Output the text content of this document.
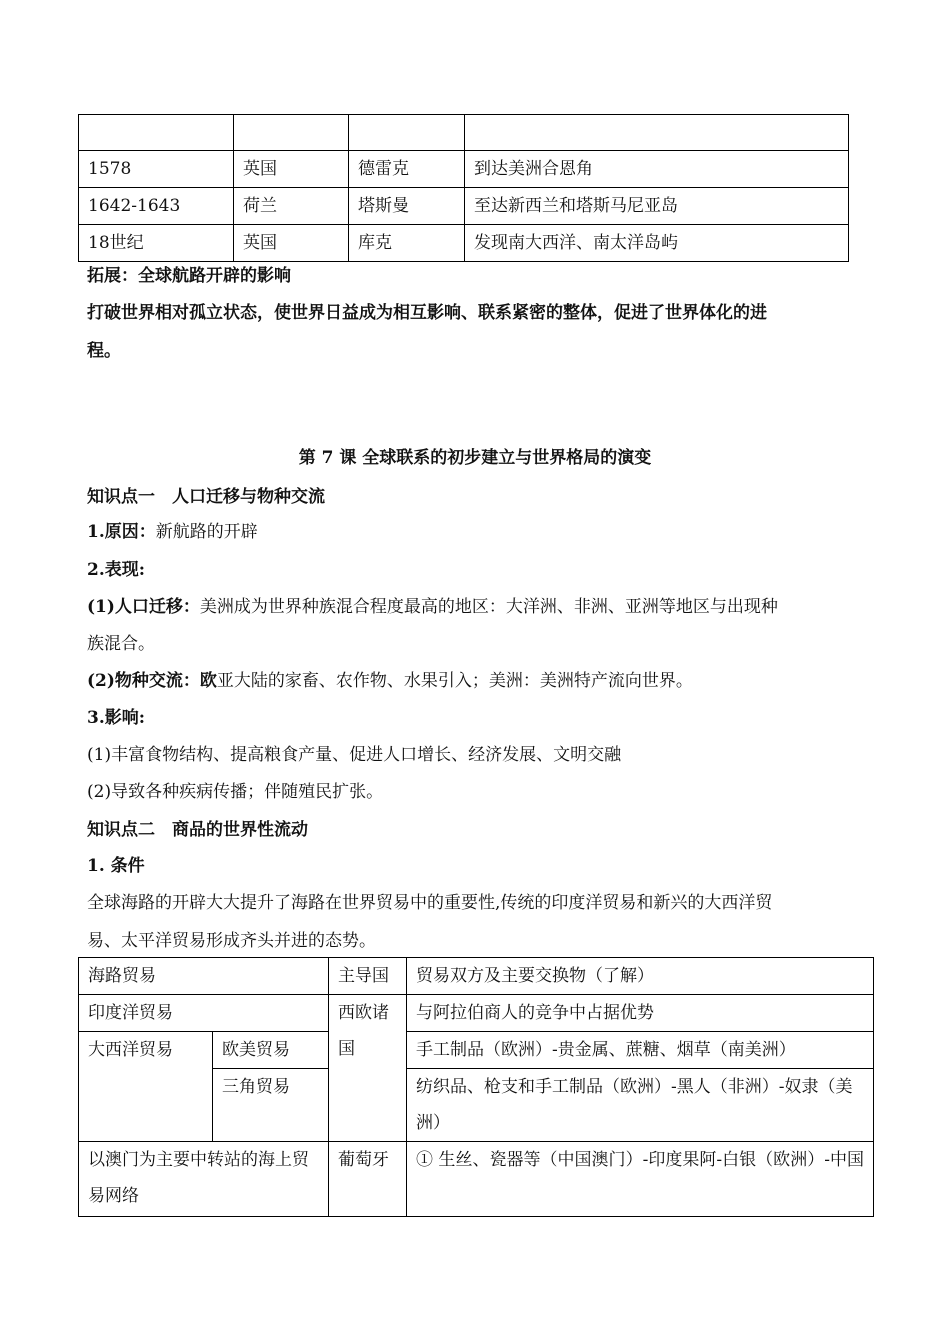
1578	英国	德雷克	到达美洲合恩角
1642-1643	荷兰	塔斯曼	至达新西兰和塔斯马尼亚岛
18世纪	英国	库克	发现南大西洋、南太洋岛屿
拓展：全球航路开辟的影响
打破世界相对孤立状态，使世界日益成为相互影响、联系紧密的整体，促进了世界体化的进
程。
第 7 课 全球联系的初步建立与世界格局的演变
知识点一　人口迁移与物种交流
1.原因：新航路的开辟
2.表现:
(1)人口迁移：美洲成为世界种族混合程度最高的地区：大洋洲、非洲、亚洲等地区与出现种
族混合。
(2)物种交流：欧亚大陆的家畜、农作物、水果引入；美洲：美洲特产流向世界。
3.影响:
(1)丰富食物结构、提高粮食产量、促进人口增长、经济发展、文明交融
(2)导致各种疾病传播；伴随殖民扩张。
知识点二　商品的世界性流动
1. 条件
全球海路的开辟大大提升了海路在世界贸易中的重要性,传统的印度洋贸易和新兴的大西洋贸
易、太平洋贸易形成齐头并进的态势。
海路贸易		主导国	贸易双方及主要交换物（了解）
印度洋贸易		西欧诸国	与阿拉伯商人的竞争中占据优势
大西洋贸易	欧美贸易		手工制品（欧洲）-贵金属、蔗糖、烟草（南美洲）
	三角贸易		纺织品、枪支和手工制品（欧洲）-黑人（非洲）-奴隶（美洲）

以澳门为主要中转站的海上贸易网络		葡萄牙	① 生丝、瓷器等（中国澳门）-印度果阿-白银（欧洲）-中国
